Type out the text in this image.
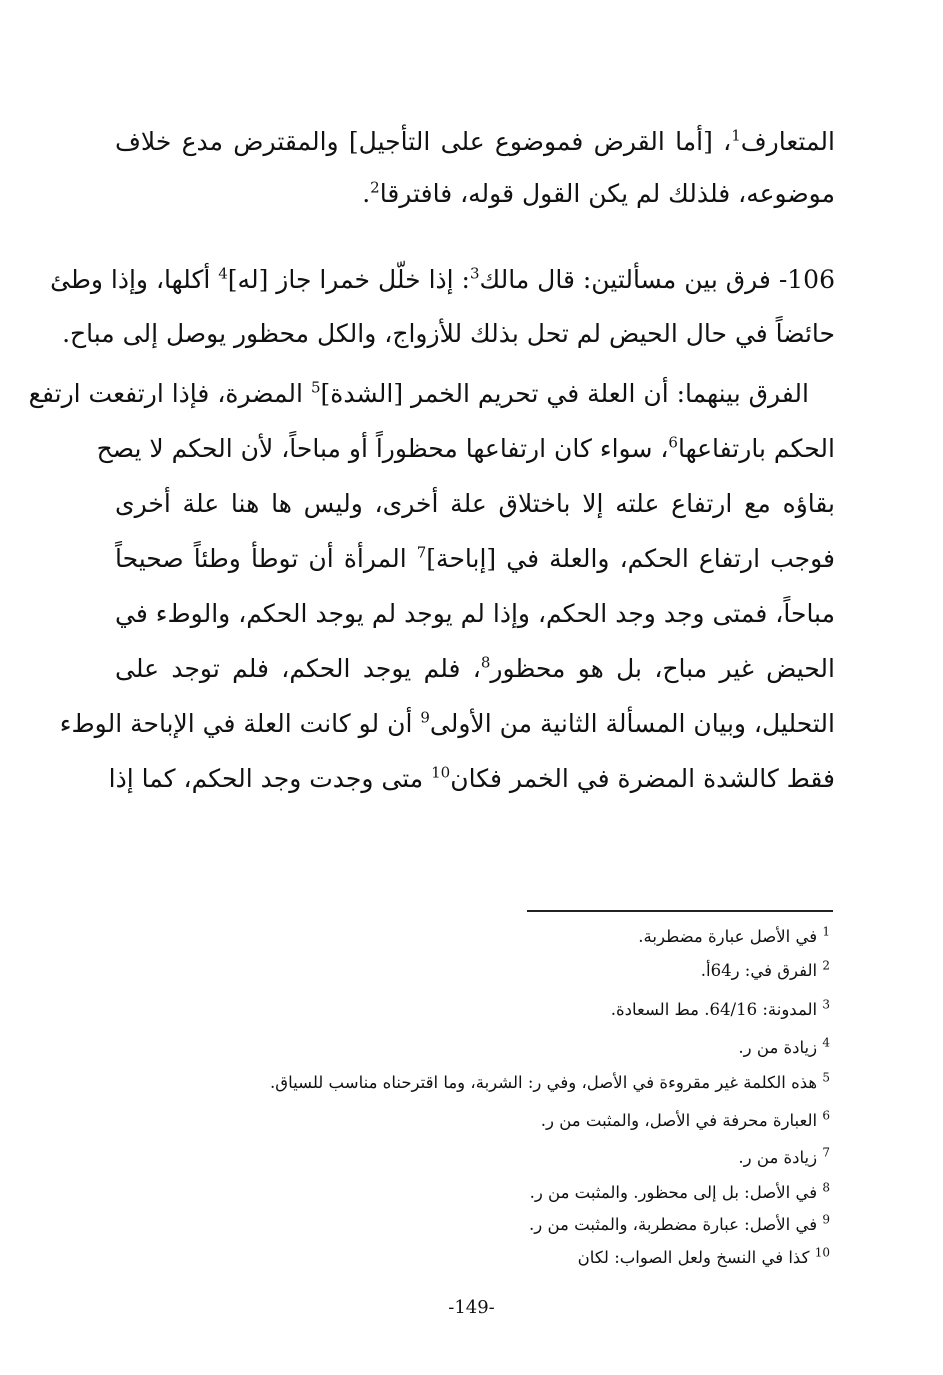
المتعارف$^1$، [أما القرض فموضوع على التأجيل] والمقترض مدع خلاف
موضوعه، فلذلك لم يكن القول قوله، فافترقا$^2$.
106- فرق بين مسألتين: قال مالك$^3$: إذا خلّل خمرا جاز [له]$^4$ أكلها، وإذا وطئ
حائضاً في حال الحيض لم تحل بذلك للأزواج، والكل محظور يوصل إلى مباح.
الفرق بينهما: أن العلة في تحريم الخمر [الشدة]$^5$ المضرة، فإذا ارتفعت ارتفع
الحكم بارتفاعها$^6$، سواء كان ارتفاعها محظوراً أو مباحاً، لأن الحكم لا يصح
بقاؤه مع ارتفاع علته إلا باختلاق علة أخرى، وليس ها هنا علة أخرى
فوجب ارتفاع الحكم، والعلة في [إباحة]$^7$ المرأة أن توطأ وطئاً صحيحاً
مباحاً، فمتى وجد وجد الحكم، وإذا لم يوجد لم يوجد الحكم، والوطء في
الحيض غير مباح، بل هو محظور$^8$، فلم يوجد الحكم، فلم توجد على
التحليل، وبيان المسألة الثانية من الأولى$^9$ أن لو كانت العلة في الإباحة الوطء
فقط كالشدة المضرة في الخمر فكان$^{10}$ متى وجدت وجد الحكم، كما إذا
$^1$ في الأصل عبارة مضطربة.
$^2$ الفرق في: ر64أ.
$^3$ المدونة: 64/16. مط السعادة.
$^4$ زيادة من ر.
$^5$ هذه الكلمة غير مقروءة في الأصل، وفي ر: الشربة، وما اقترحناه مناسب للسياق.
$^6$ العبارة محرفة في الأصل، والمثبت من ر.
$^7$ زيادة من ر.
$^8$ في الأصل: بل إلى محظور. والمثبت من ر.
$^9$ في الأصل: عبارة مضطربة، والمثبت من ر.
$^{10}$ كذا في النسخ ولعل الصواب: لكان
-149-
